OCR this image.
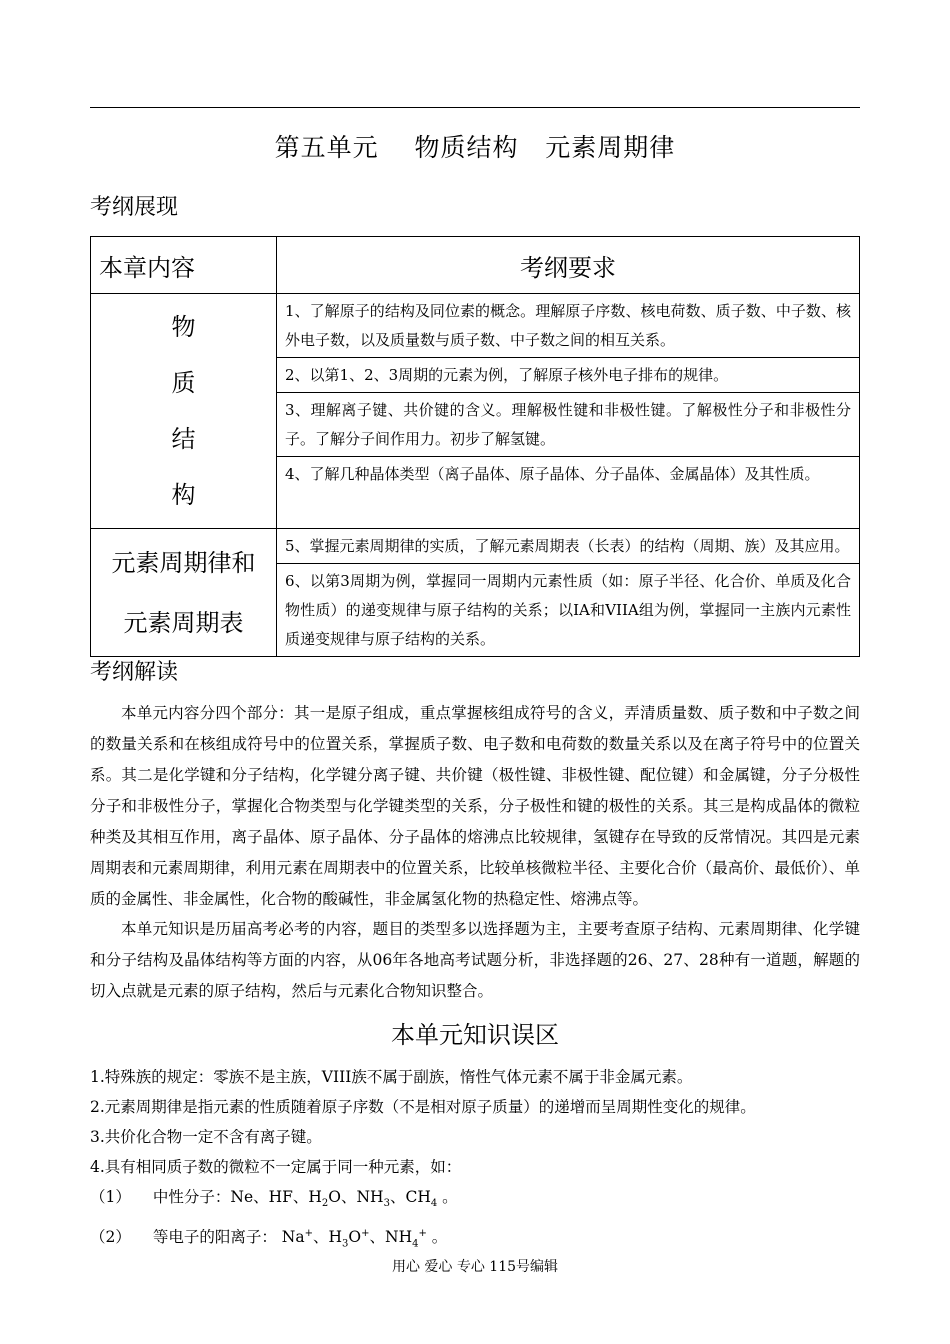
第五单元    物质结构   元素周期律
考纲展现
本章内容	考纲要求

物
质
结
构	1、了解原子的结构及同位素的概念。理解原子序数、核电荷数、质子数、中子数、核外电子数，以及质量数与质子数、中子数之间的相互关系。
	2、以第1、2、3周期的元素为例，了解原子核外电子排布的规律。
	3、理解离子键、共价键的含义。理解极性键和非极性键。了解极性分子和非极性分子。了解分子间作用力。初步了解氢键。
	4、了解几种晶体类型（离子晶体、原子晶体、分子晶体、金属晶体）及其性质。

元素周期律和
元素周期表	5、掌握元素周期律的实质，了解元素周期表（长表）的结构（周期、族）及其应用。
	6、以第3周期为例，掌握同一周期内元素性质（如：原子半径、化合价、单质及化合物性质）的递变规律与原子结构的关系；以IA和VIIA组为例，掌握同一主族内元素性质递变规律与原子结构的关系。
考纲解读
本单元内容分四个部分：其一是原子组成，重点掌握核组成符号的含义，弄清质量数、质子数和中子数之间的数量关系和在核组成符号中的位置关系，掌握质子数、电子数和电荷数的数量关系以及在离子符号中的位置关系。其二是化学键和分子结构，化学键分离子键、共价键（极性键、非极性键、配位键）和金属键，分子分极性分子和非极性分子，掌握化合物类型与化学键类型的关系，分子极性和键的极性的关系。其三是构成晶体的微粒种类及其相互作用，离子晶体、原子晶体、分子晶体的熔沸点比较规律，氢键存在导致的反常情况。其四是元素周期表和元素周期律，利用元素在周期表中的位置关系，比较单核微粒半径、主要化合价（最高价、最低价）、单质的金属性、非金属性，化合物的酸碱性，非金属氢化物的热稳定性、熔沸点等。
本单元知识是历届高考必考的内容，题目的类型多以选择题为主，主要考查原子结构、元素周期律、化学键和分子结构及晶体结构等方面的内容，从06年各地高考试题分析，非选择题的26、27、28种有一道题，解题的切入点就是元素的原子结构，然后与元素化合物知识整合。
本单元知识误区
1.特殊族的规定：零族不是主族，VIII族不属于副族，惰性气体元素不属于非金属元素。
2.元素周期律是指元素的性质随着原子序数（不是相对原子质量）的递增而呈周期性变化的规律。
3.共价化合物一定不含有离子键。
4.具有相同质子数的微粒不一定属于同一种元素，如：
（1） 中性分子：Ne、HF、$H_2O$、$NH_3$、$CH_4$ 。
（2） 等电子的阳离子： Na+、$H_3O^+$、$NH_4^+$ 。
用心 爱心 专心 115号编辑
